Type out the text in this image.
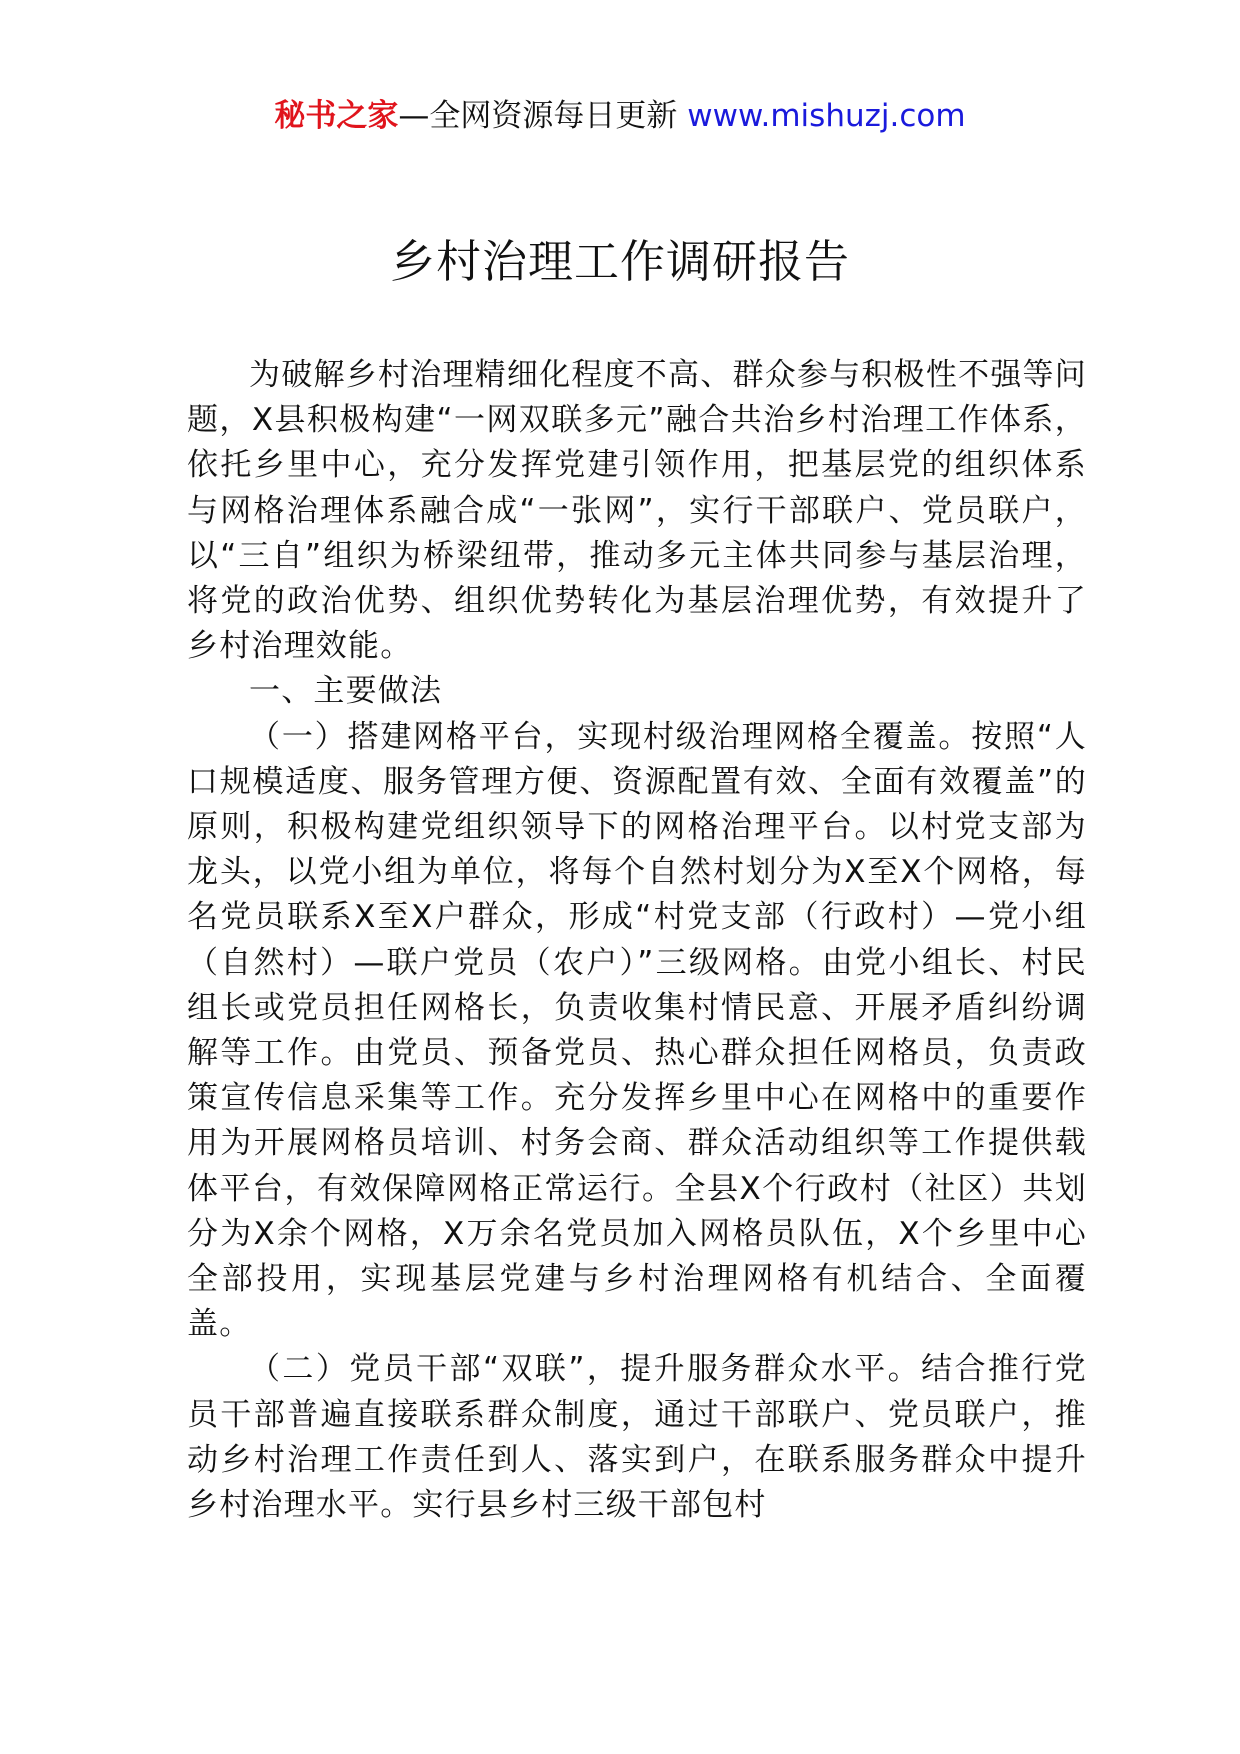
秘书之家—全网资源每日更新 www.mishuzj.com
乡村治理工作调研报告

为破解乡村治理精细化程度不高、群众参与积极性不强等问题，X县积极构建“一网双联多元”融合共治乡村治理工作体系，依托乡里中心，充分发挥党建引领作用，把基层党的组织体系与网格治理体系融合成“一张网”，实行干部联户、党员联户，以“三自”组织为桥梁纽带，推动多元主体共同参与基层治理，将党的政治优势、组织优势转化为基层治理优势，有效提升了乡村治理效能。

一、主要做法

（一）搭建网格平台，实现村级治理网格全覆盖。按照“人口规模适度、服务管理方便、资源配置有效、全面有效覆盖”的原则，积极构建党组织领导下的网格治理平台。以村党支部为龙头，以党小组为单位，将每个自然村划分为X至X个网格，每名党员联系X至X户群众，形成“村党支部（行政村）—党小组（自然村）—联户党员（农户）”三级网格。由党小组长、村民组长或党员担任网格长，负责收集村情民意、开展矛盾纠纷调解等工作。由党员、预备党员、热心群众担任网格员，负责政策宣传信息采集等工作。充分发挥乡里中心在网格中的重要作用为开展网格员培训、村务会商、群众活动组织等工作提供载体平台，有效保障网格正常运行。全县X个行政村（社区）共划分为X余个网格，X万余名党员加入网格员队伍，X个乡里中心全部投用，实现基层党建与乡村治理网格有机结合、全面覆盖。

（二）党员干部“双联”，提升服务群众水平。结合推行党员干部普遍直接联系群众制度，通过干部联户、党员联户，推动乡村治理工作责任到人、落实到户，在联系服务群众中提升乡村治理水平。实行县乡村三级干部包村
